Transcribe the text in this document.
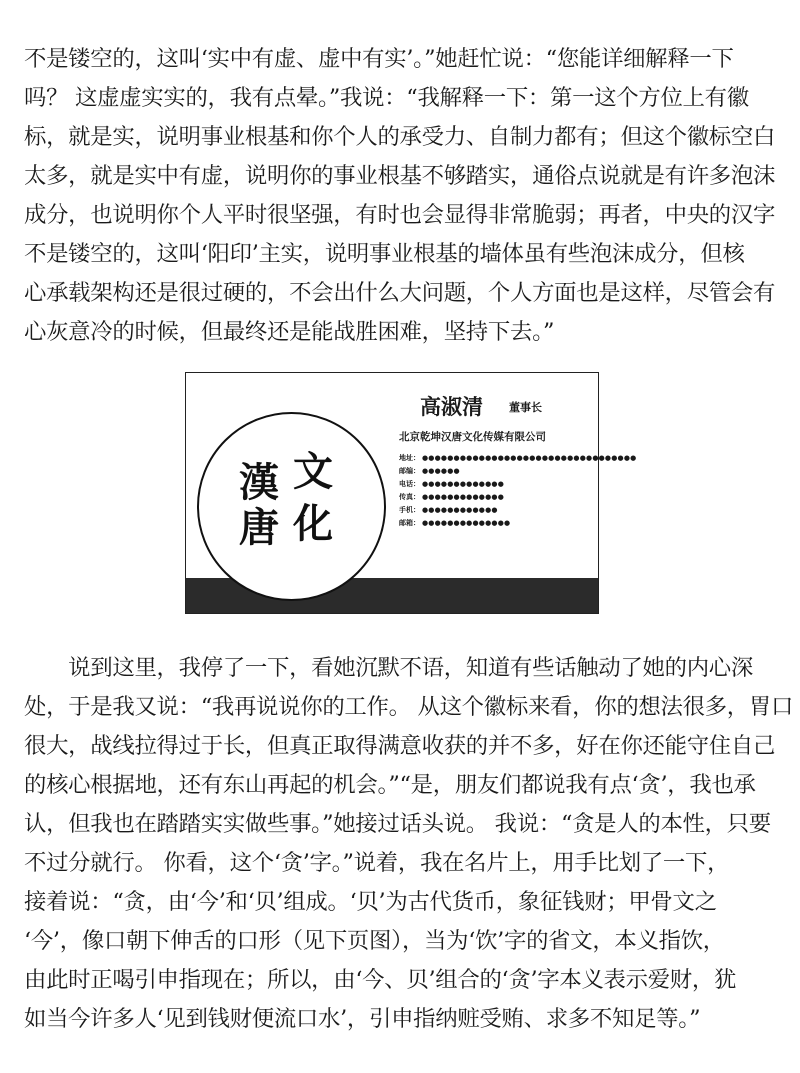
不是镂空的，这叫‘实中有虚、虚中有实’。”她赶忙说：“您能详细解释一下
吗？ 这虚虚实实的，我有点晕。”我说：“我解释一下：第一这个方位上有徽
标，就是实，说明事业根基和你个人的承受力、自制力都有；但这个徽标空白
太多，就是实中有虚，说明你的事业根基不够踏实，通俗点说就是有许多泡沫
成分，也说明你个人平时很坚强，有时也会显得非常脆弱；再者，中央的汉字
不是镂空的，这叫‘阳印’主实，说明事业根基的墙体虽有些泡沫成分，但核
心承载架构还是很过硬的，不会出什么大问题，个人方面也是这样，尽管会有
心灰意冷的时候，但最终还是能战胜困难，坚持下去。”
漢 文
唐 化
高淑清 董事长
北京乾坤汉唐文化传媒有限公司
地址： ●●●●●●●●●●●●●●●●●●●●●●●●●●●●●●●●●●
邮编： ●●●●●●
电话： ●●●●●●●●●●●●●
传真： ●●●●●●●●●●●●●
手机： ●●●●●●●●●●●●
邮箱： ●●●●●●●●●●●●●●
　　说到这里，我停了一下，看她沉默不语，知道有些话触动了她的内心深
处，于是我又说：“我再说说你的工作。 从这个徽标来看，你的想法很多，胃口
很大，战线拉得过于长，但真正取得满意收获的并不多，好在你还能守住自己
的核心根据地，还有东山再起的机会。”“是，朋友们都说我有点‘贪’，我也承
认，但我也在踏踏实实做些事。”她接过话头说。 我说：“贪是人的本性，只要
不过分就行。 你看，这个‘贪’字。”说着，我在名片上，用手比划了一下，
接着说：“贪，由‘今’和‘贝’组成。‘贝’为古代货币，象征钱财；甲骨文之
‘今’，像口朝下伸舌的口形（见下页图），当为‘饮’字的省文，本义指饮，
由此时正喝引申指现在；所以，由‘今、贝’组合的‘贪’字本义表示爱财，犹
如当今许多人‘见到钱财便流口水’，引申指纳赃受贿、求多不知足等。”
